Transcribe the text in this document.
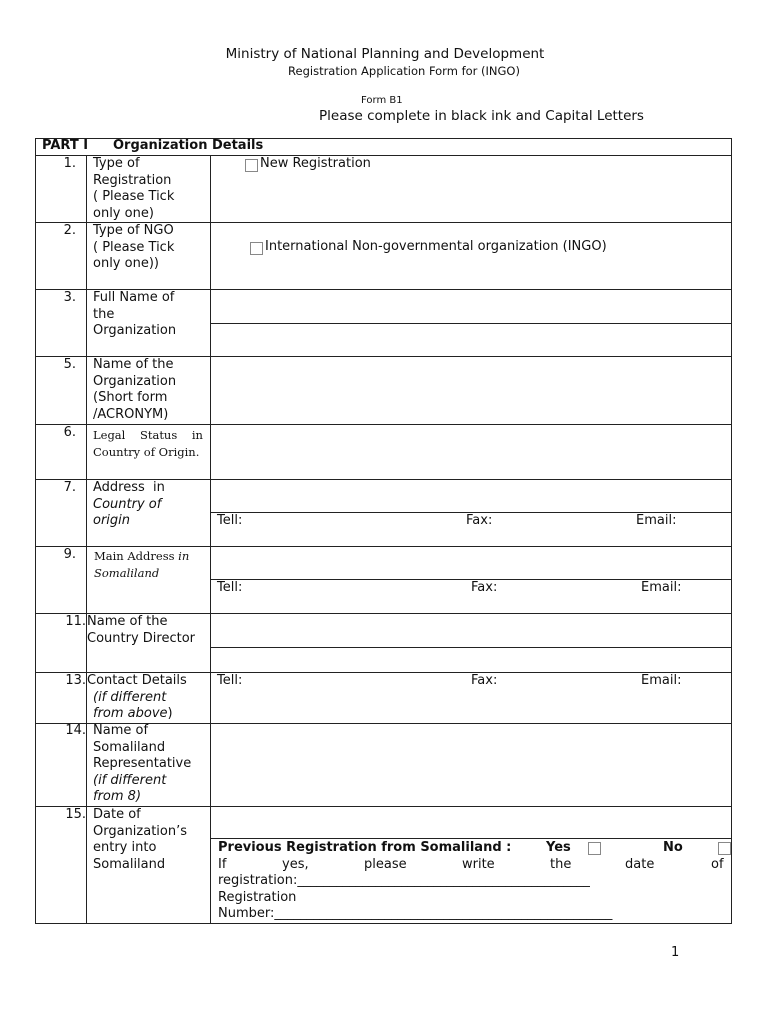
Ministry of National Planning and Development
Registration Application Form for (INGO)
Form B1
Please complete in black ink and Capital Letters
PART I Organization Details
1. Type of
Registration
( Please Tick
only one)
New Registration
2. Type of NGO
( Please Tick
only one))
International Non-governmental organization (INGO)
3. Full Name of
the
Organization
5. Name of the
Organization
(Short form
/ACRONYM)
6. Legal    Status    in
Country of Origin.
7. Address  in
Country of
origin	Tell:	Fax:	Email:
9. Main Address in
Somaliland
Tell:	Fax:	Email:
11. Name of the
Country Director
13. Contact Details
(if different
from above)
Tell:	Fax:	Email:
14. Name of
Somaliland
Representative
(if different
from 8)
15. Date of
Organization’s
entry into
Somaliland
Previous Registration from Somaliland :	Yes	No
If	yes,	please	write	the	date	of
registration:_____________________________________________
Registration
Number:____________________________________________________
1
